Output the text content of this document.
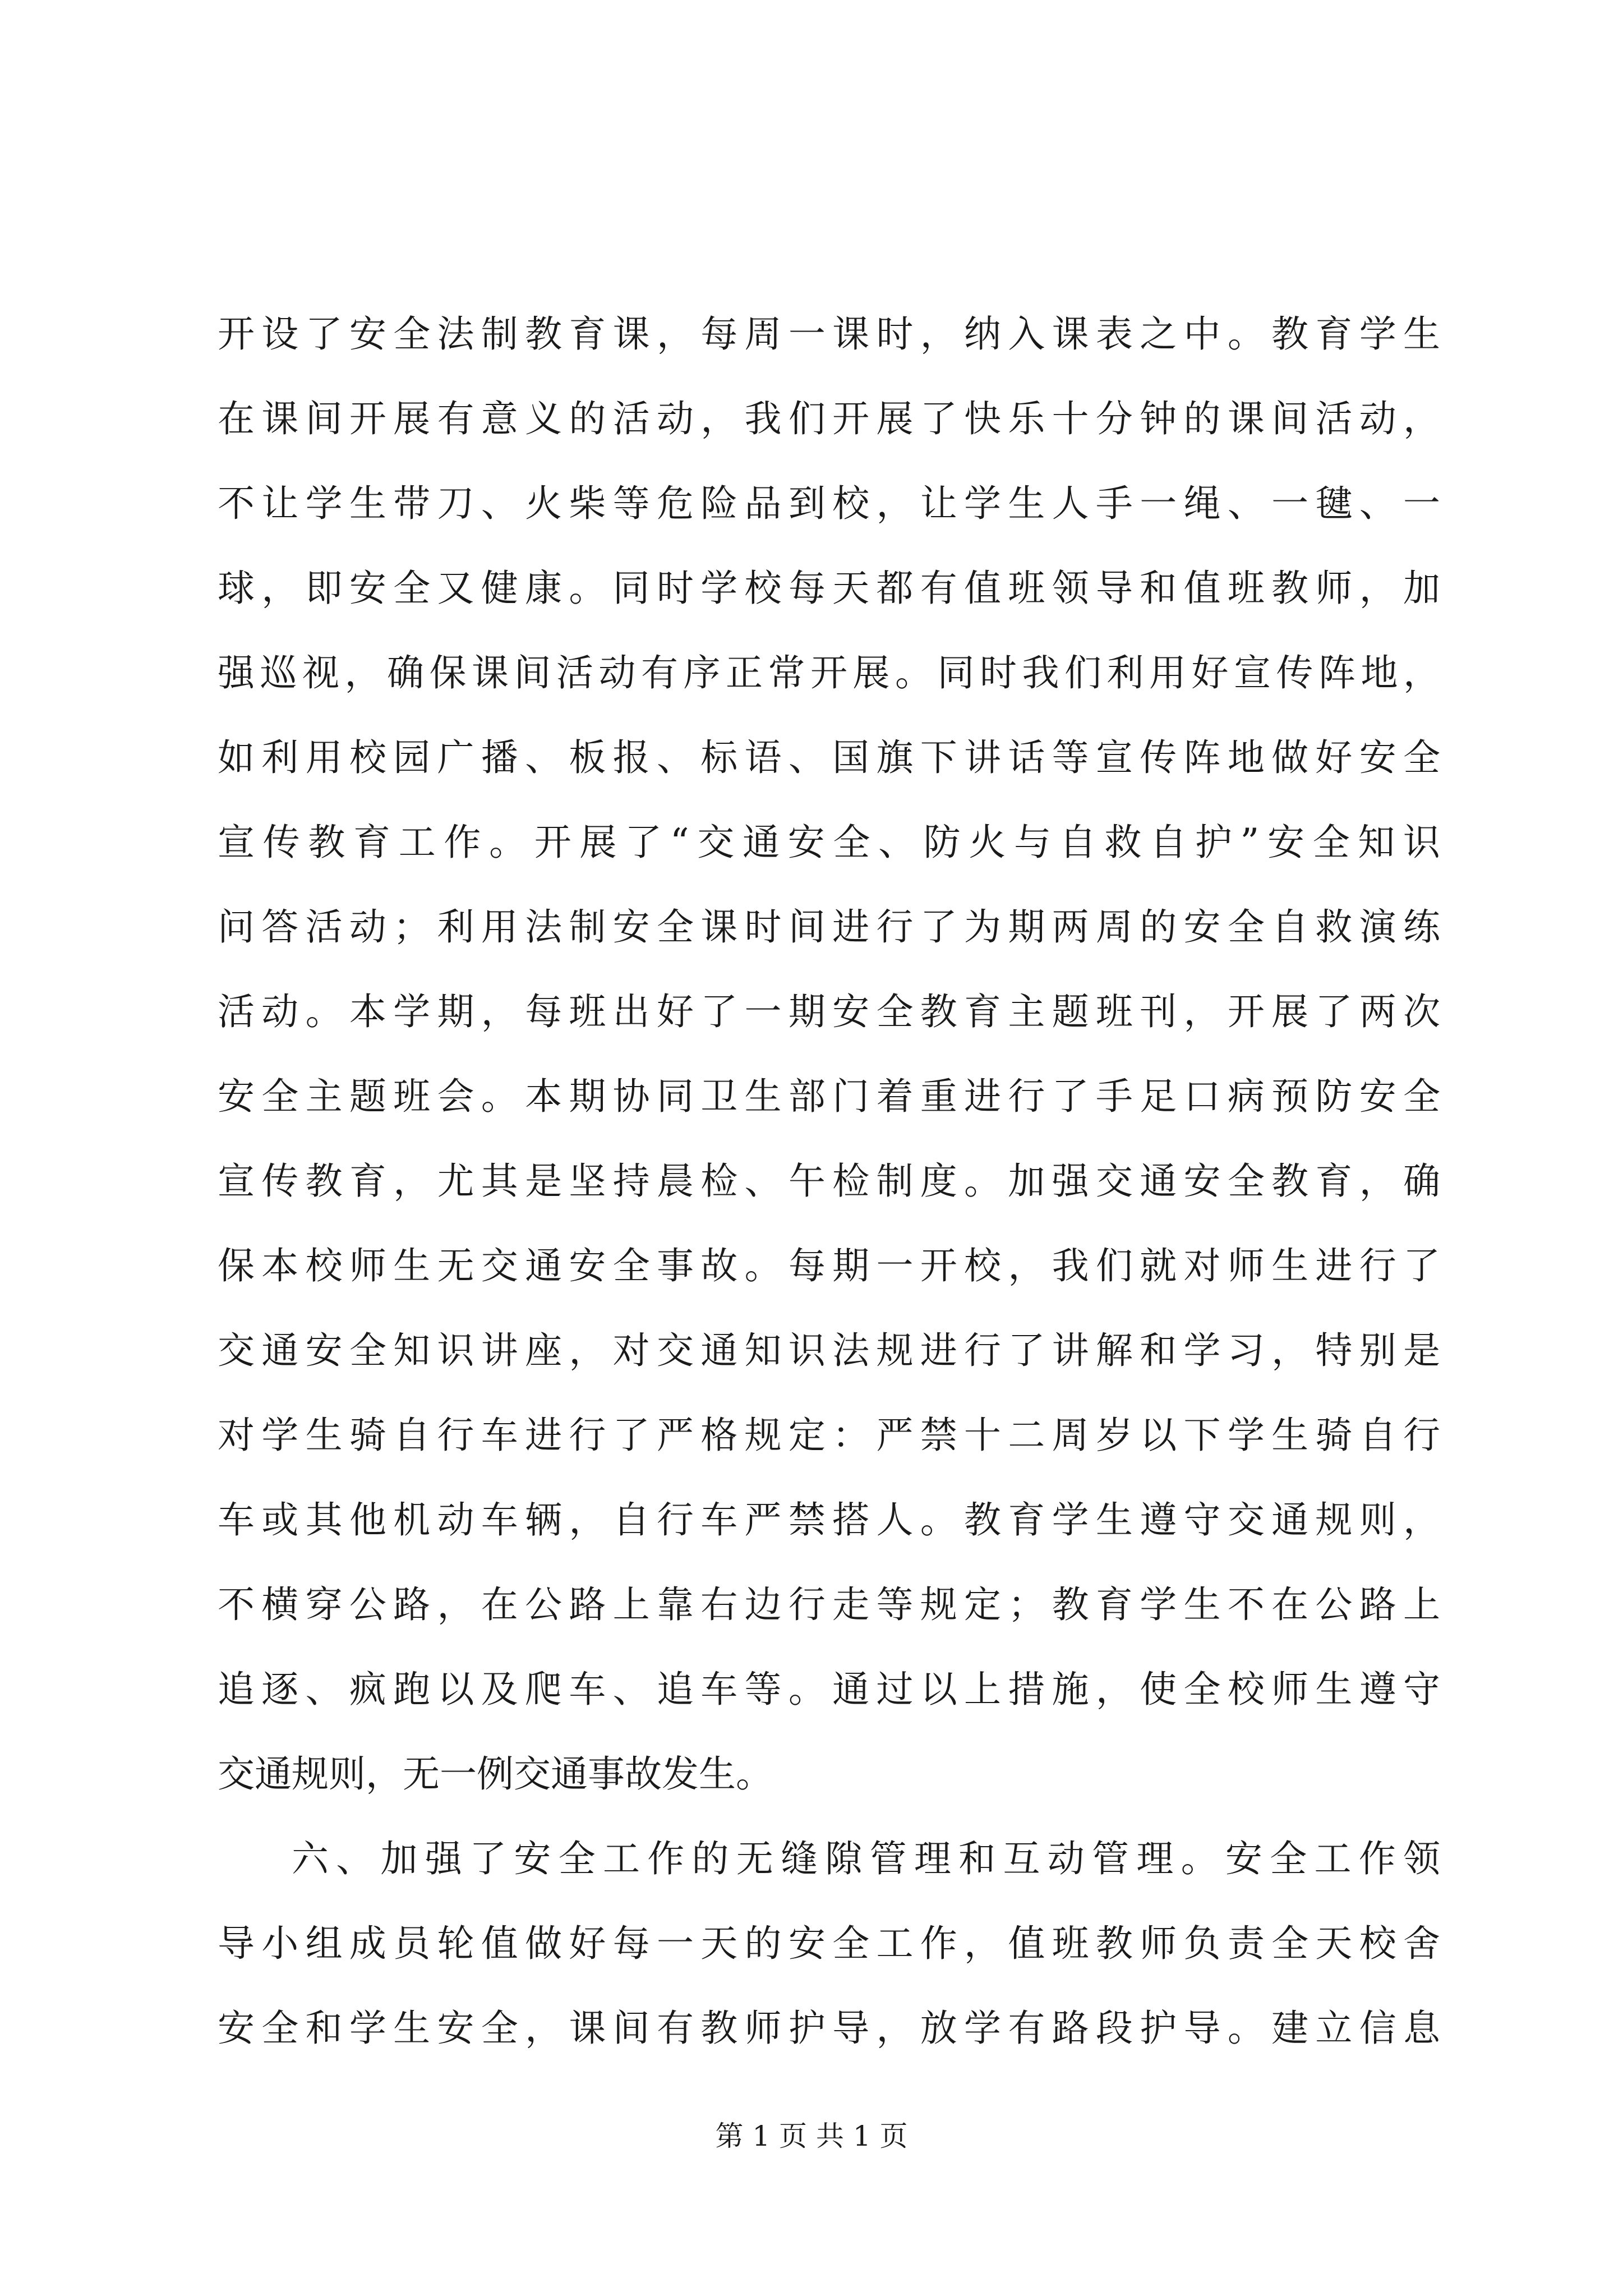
开设了安全法制教育课，每周一课时，纳入课表之中。教育学生
在课间开展有意义的活动，我们开展了快乐十分钟的课间活动，
不让学生带刀、火柴等危险品到校，让学生人手一绳、一毽、一
球，即安全又健康。同时学校每天都有值班领导和值班教师，加
强巡视，确保课间活动有序正常开展。同时我们利用好宣传阵地，
如利用校园广播、板报、标语、国旗下讲话等宣传阵地做好安全
宣传教育工作。开展了“交通安全、防火与自救自护”安全知识
问答活动；利用法制安全课时间进行了为期两周的安全自救演练
活动。本学期，每班出好了一期安全教育主题班刊，开展了两次
安全主题班会。本期协同卫生部门着重进行了手足口病预防安全
宣传教育，尤其是坚持晨检、午检制度。加强交通安全教育，确
保本校师生无交通安全事故。每期一开校，我们就对师生进行了
交通安全知识讲座，对交通知识法规进行了讲解和学习，特别是
对学生骑自行车进行了严格规定：严禁十二周岁以下学生骑自行
车或其他机动车辆，自行车严禁搭人。教育学生遵守交通规则，
不横穿公路，在公路上靠右边行走等规定；教育学生不在公路上
追逐、疯跑以及爬车、追车等。通过以上措施，使全校师生遵守
交通规则，无一例交通事故发生。
六、加强了安全工作的无缝隙管理和互动管理。安全工作领
导小组成员轮值做好每一天的安全工作，值班教师负责全天校舍
安全和学生安全，课间有教师护导，放学有路段护导。建立信息
第 1 页 共 1 页
